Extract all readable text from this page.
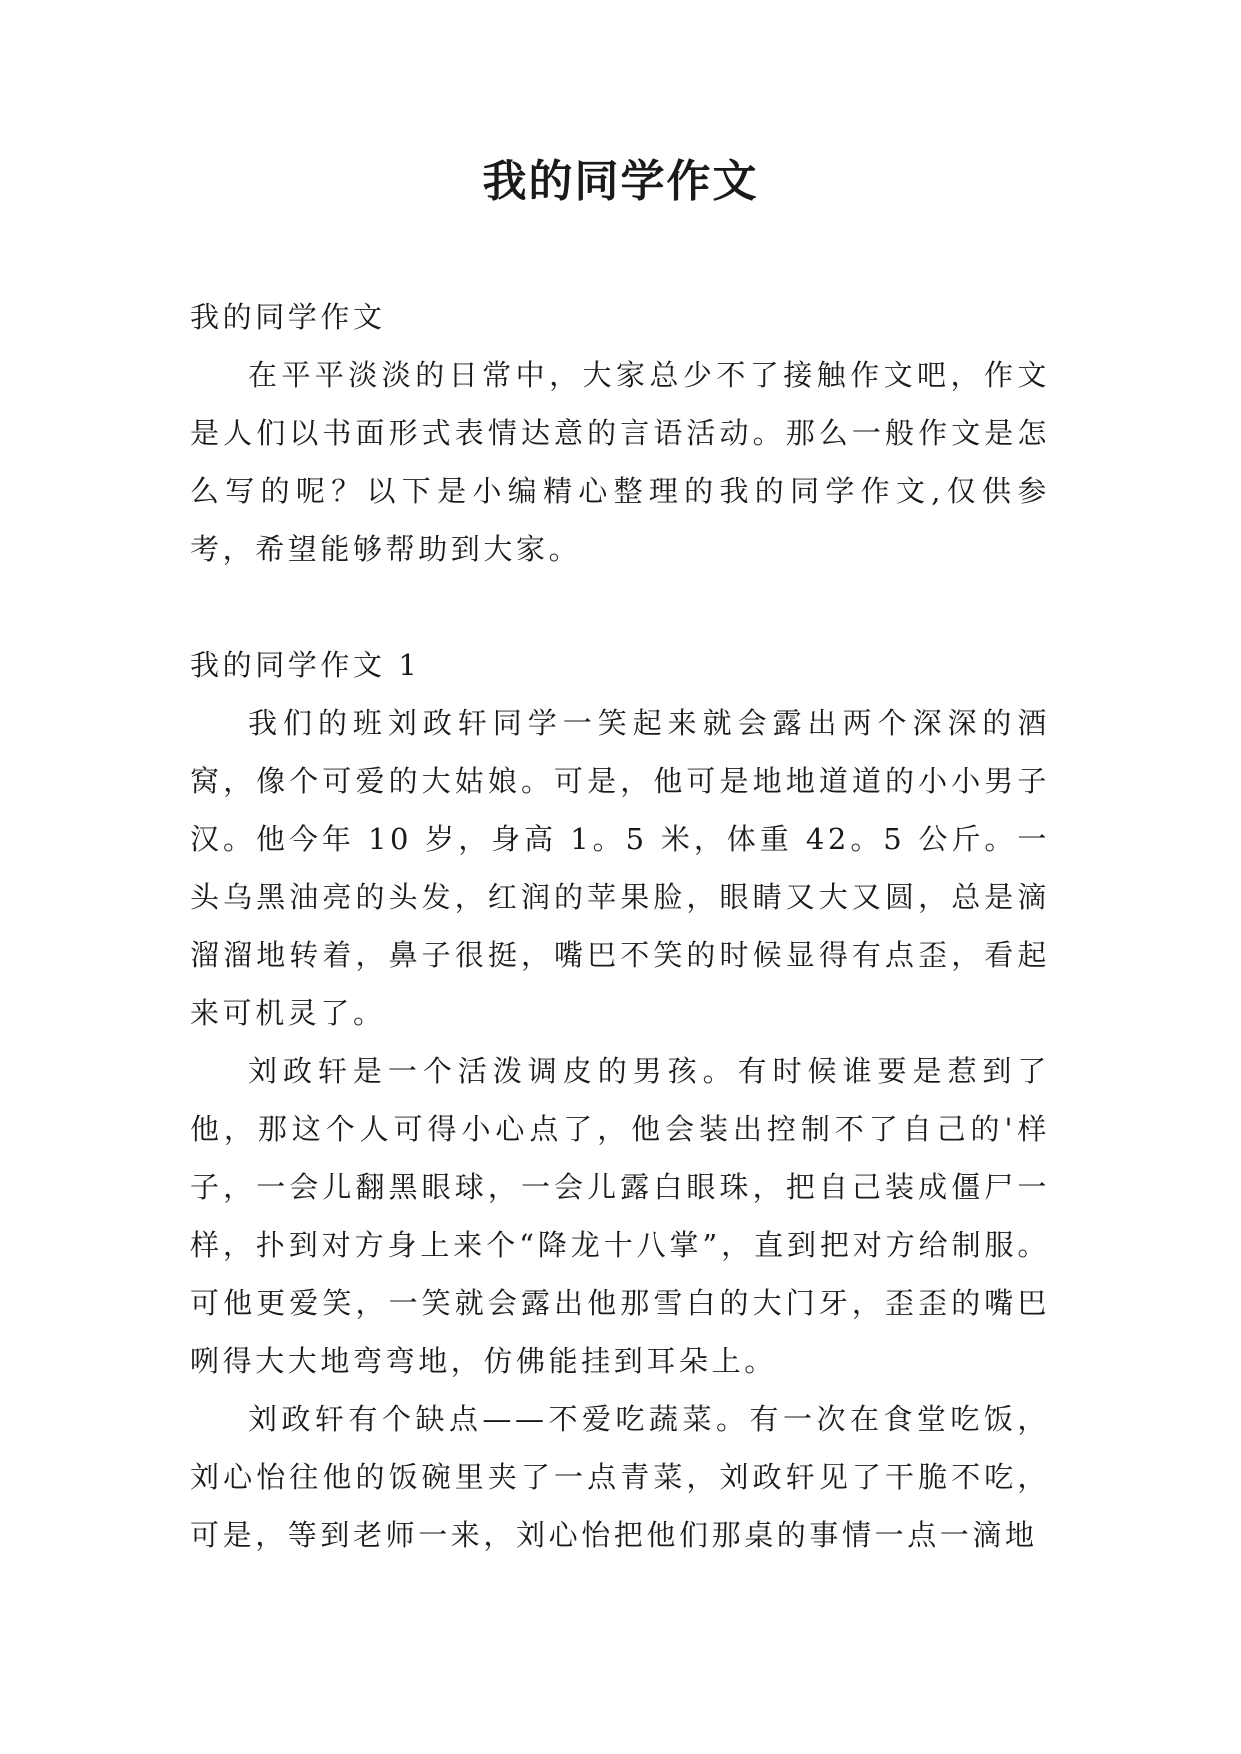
我的同学作文

我的同学作文

在平平淡淡的日常中，大家总少不了接触作文吧，作文是人们以书面形式表情达意的言语活动。那么一般作文是怎么写的呢？以下是小编精心整理的我的同学作文,仅供参考，希望能够帮助到大家。

我的同学作文 1

我们的班刘政轩同学一笑起来就会露出两个深深的酒窝，像个可爱的大姑娘。可是，他可是地地道道的小小男子汉。他今年 10 岁，身高 1。5 米，体重 42。5 公斤。一头乌黑油亮的头发，红润的苹果脸，眼睛又大又圆，总是滴溜溜地转着，鼻子很挺，嘴巴不笑的时候显得有点歪，看起来可机灵了。

刘政轩是一个活泼调皮的男孩。有时候谁要是惹到了他，那这个人可得小心点了，他会装出控制不了自己的'样子，一会儿翻黑眼球，一会儿露白眼珠，把自己装成僵尸一样，扑到对方身上来个“降龙十八掌”，直到把对方给制服。可他更爱笑，一笑就会露出他那雪白的大门牙，歪歪的嘴巴咧得大大地弯弯地，仿佛能挂到耳朵上。

刘政轩有个缺点——不爱吃蔬菜。有一次在食堂吃饭，刘心怡往他的饭碗里夹了一点青菜，刘政轩见了干脆不吃，可是，等到老师一来，刘心怡把他们那桌的事情一点一滴地
